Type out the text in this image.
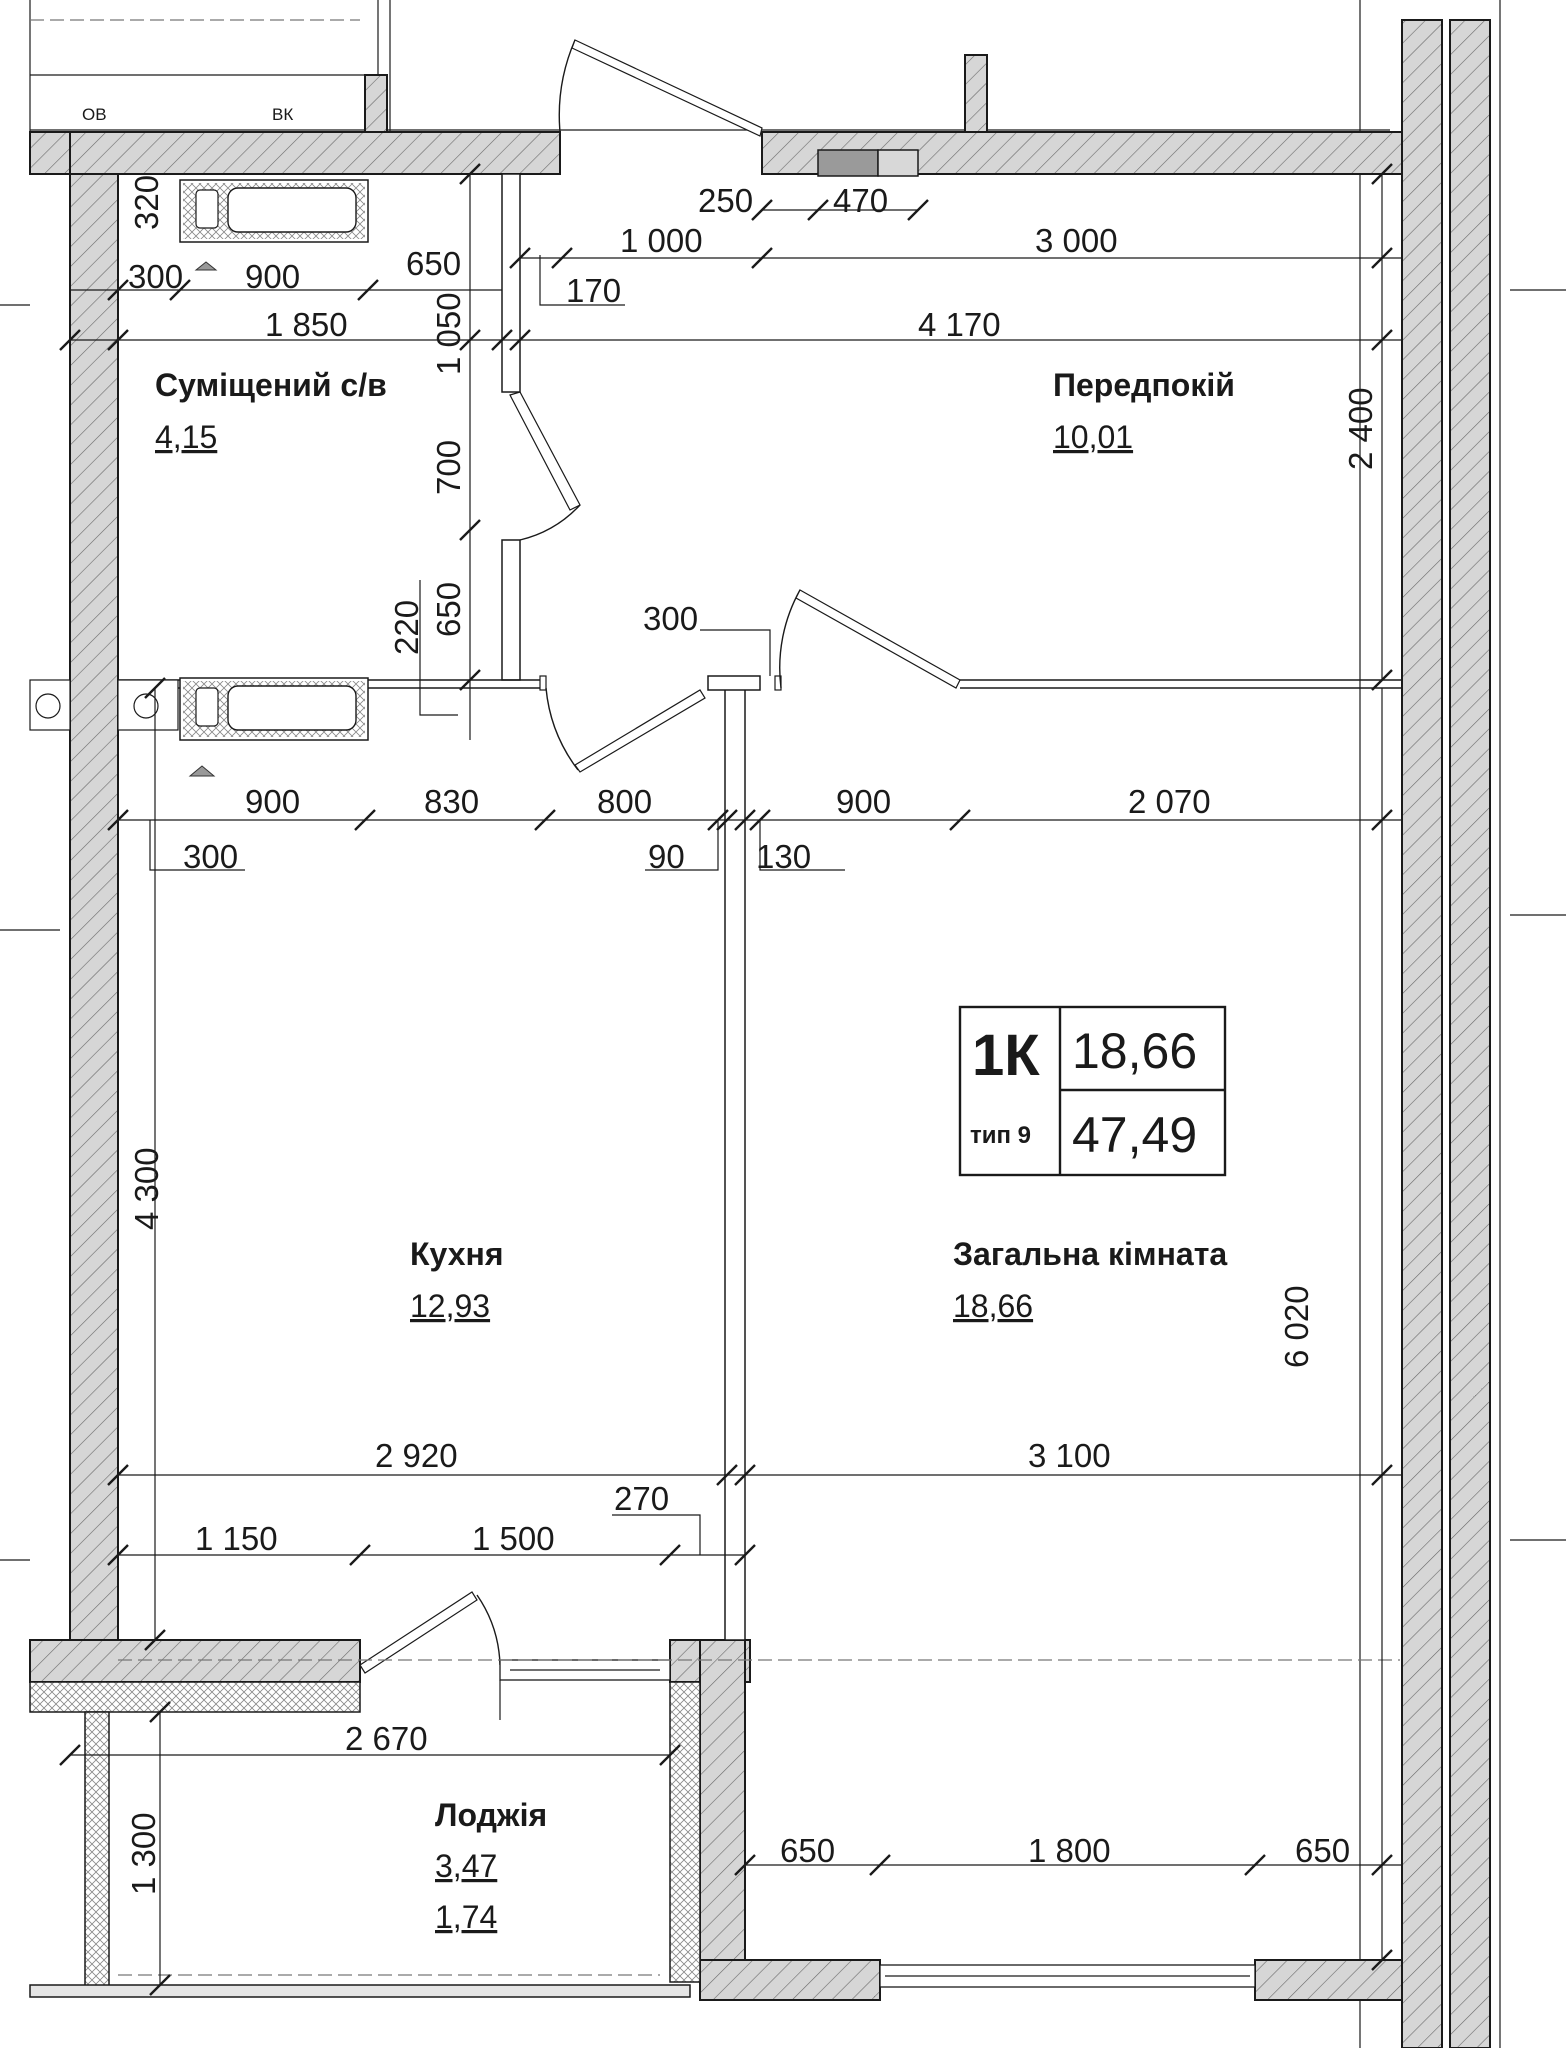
ОВ	ВК
250 470
1 000	3 000
320
300 900	650
170
1 850	4 170
1 050
700	2 400
300
220 650
900	830	800	900	2 070
300	90 130
4 300
6 020
2 920	3 100
270
1 150	1 500
2 670
1 300	650	1 800	650
Суміщений с/в
4,15
Передпокій
10,01
Кухня
12,93
Загальна кімната
18,66
Лоджія
3,47
1,74
1К
тип 9
18,66
47,49
